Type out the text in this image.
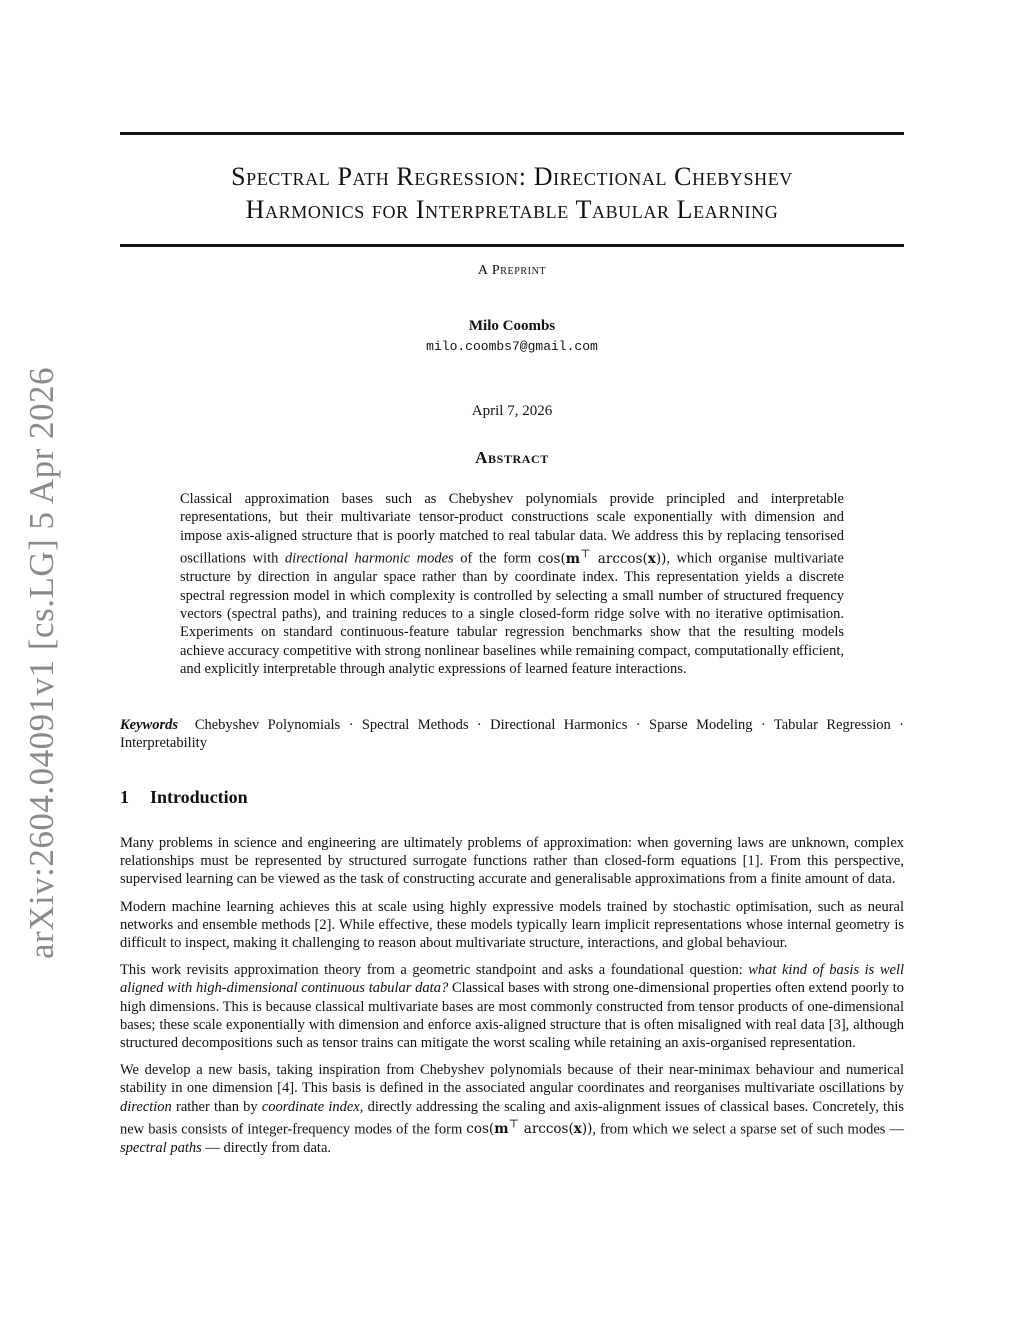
arXiv:2604.04091v1 [cs.LG] 5 Apr 2026
Spectral Path Regression: Directional Chebyshev
Harmonics for Interpretable Tabular Learning
A Preprint
Milo Coombs
milo.coombs7@gmail.com
April 7, 2026
Abstract

Classical approximation bases such as Chebyshev polynomials provide principled and interpretable representations, but their multivariate tensor-product constructions scale exponentially with dimension and impose axis-aligned structure that is poorly matched to real tabular data. We address this by replacing tensorised oscillations with directional harmonic modes of the form cos(m⊤ arccos(x)), which organise multivariate structure by direction in angular space rather than by coordinate index. This representation yields a discrete spectral regression model in which complexity is controlled by selecting a small number of structured frequency vectors (spectral paths), and training reduces to a single closed-form ridge solve with no iterative optimisation. Experiments on standard continuous-feature tabular regression benchmarks show that the resulting models achieve accuracy competitive with strong nonlinear baselines while remaining compact, computationally efficient, and explicitly interpretable through analytic expressions of learned feature interactions.

Keywords Chebyshev Polynomials · Spectral Methods · Directional Harmonics · Sparse Modeling · Tabular Regression · Interpretability

1 Introduction

Many problems in science and engineering are ultimately problems of approximation: when governing laws are unknown, complex relationships must be represented by structured surrogate functions rather than closed-form equations [1]. From this perspective, supervised learning can be viewed as the task of constructing accurate and generalisable approximations from a finite amount of data.

Modern machine learning achieves this at scale using highly expressive models trained by stochastic optimisation, such as neural networks and ensemble methods [2]. While effective, these models typically learn implicit representations whose internal geometry is difficult to inspect, making it challenging to reason about multivariate structure, interactions, and global behaviour.

This work revisits approximation theory from a geometric standpoint and asks a foundational question: what kind of basis is well aligned with high-dimensional continuous tabular data? Classical bases with strong one-dimensional properties often extend poorly to high dimensions. This is because classical multivariate bases are most commonly constructed from tensor products of one-dimensional bases; these scale exponentially with dimension and enforce axis-aligned structure that is often misaligned with real data [3], although structured decompositions such as tensor trains can mitigate the worst scaling while retaining an axis-organised representation.

We develop a new basis, taking inspiration from Chebyshev polynomials because of their near-minimax behaviour and numerical stability in one dimension [4]. This basis is defined in the associated angular coordinates and reorganises multivariate oscillations by direction rather than by coordinate index, directly addressing the scaling and axis-alignment issues of classical bases. Concretely, this new basis consists of integer-frequency modes of the form cos(m⊤ arccos(x)), from which we select a sparse set of such modes — spectral paths — directly from data.
